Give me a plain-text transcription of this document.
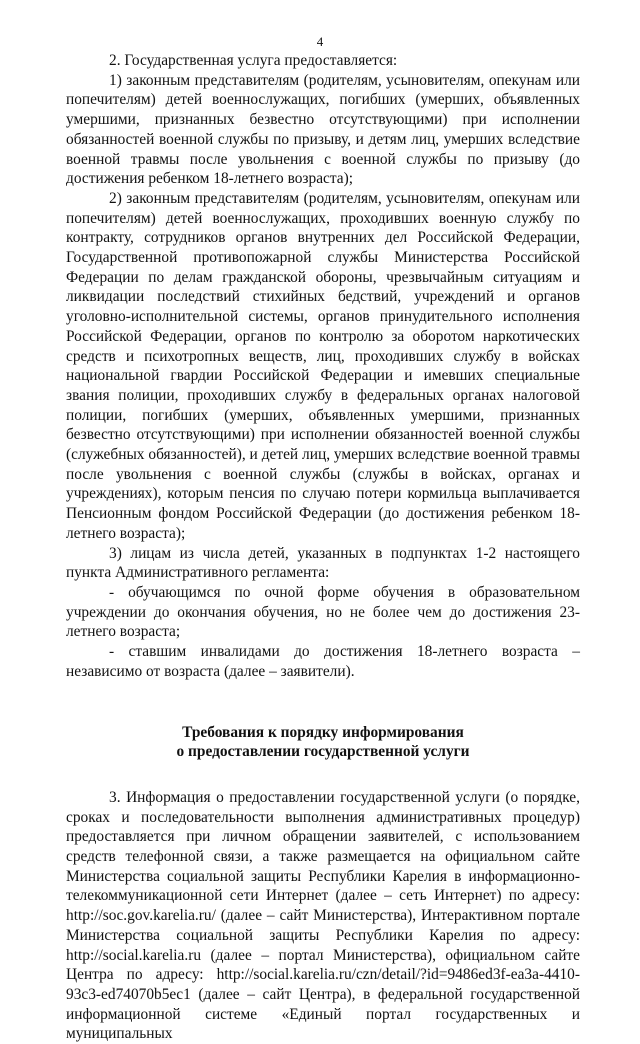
4

2. Государственная услуга предоставляется:

1) законным представителям (родителям, усыновителям, опекунам или попечителям) детей военнослужащих, погибших (умерших, объявленных умершими, признанных безвестно отсутствующими) при исполнении обязанностей военной службы по призыву, и детям лиц, умерших вследствие военной травмы после увольнения с военной службы по призыву (до достижения ребенком 18-летнего возраста);

2) законным представителям (родителям, усыновителям, опекунам или попечителям) детей военнослужащих, проходивших военную службу по контракту, сотрудников органов внутренних дел Российской Федерации, Государственной противопожарной службы Министерства Российской Федерации по делам гражданской обороны, чрезвычайным ситуациям и ликвидации последствий стихийных бедствий, учреждений и органов уголовно-исполнительной системы, органов принудительного исполнения Российской Федерации, органов по контролю за оборотом наркотических средств и психотропных веществ, лиц, проходивших службу в войсках национальной гвардии Российской Федерации и имевших специальные звания полиции, проходивших службу в федеральных органах налоговой полиции, погибших (умерших, объявленных умершими, признанных безвестно отсутствующими) при исполнении обязанностей военной службы (служебных обязанностей), и детей лиц, умерших вследствие военной травмы после увольнения с военной службы (службы в войсках, органах и учреждениях), которым пенсия по случаю потери кормильца выплачивается Пенсионным фондом Российской Федерации (до достижения ребенком 18-летнего возраста);

3) лицам из числа детей, указанных в подпунктах 1-2 настоящего пункта Административного регламента:

- обучающимся по очной форме обучения в образовательном учреждении до окончания обучения, но не более чем до достижения 23-летнего возраста;

- ставшим инвалидами до достижения 18-летнего возраста – независимо от возраста (далее – заявители).

Требования к порядку информирования
о предоставлении государственной услуги

3. Информация о предоставлении государственной услуги (о порядке, сроках и последовательности выполнения административных процедур) предоставляется при личном обращении заявителей, с использованием средств телефонной связи, а также размещается на официальном сайте Министерства социальной защиты Республики Карелия в информационно-телекоммуникационной сети Интернет (далее – сеть Интернет) по адресу: http://soc.gov.karelia.ru/ (далее – сайт Министерства), Интерактивном портале Министерства социальной защиты Республики Карелия по адресу: http://social.karelia.ru (далее – портал Министерства), официальном сайте Центра по адресу: http://social.karelia.ru/czn/detail/?id=9486ed3f-ea3a-4410-93c3-ed74070b5ec1 (далее – сайт Центра), в федеральной государственной информационной системе «Единый портал государственных и муниципальных
